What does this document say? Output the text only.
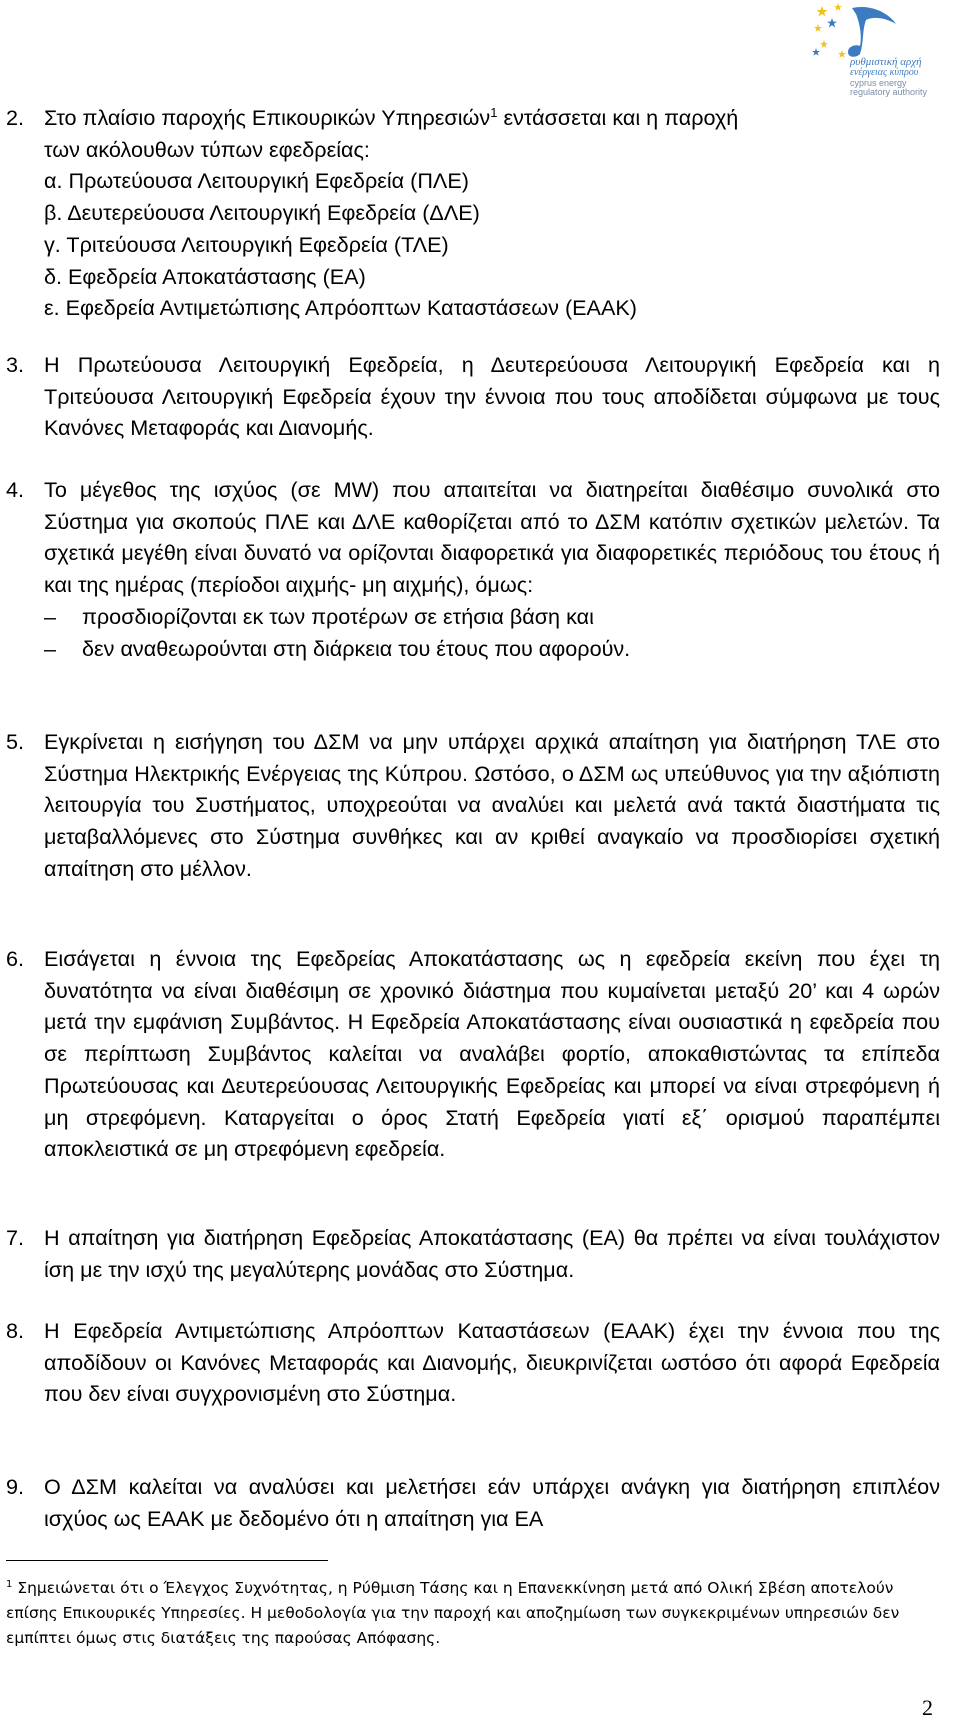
ρυθμιστική αρχή
ενέργειας κύπρου
cyprus energy
regulatory authority
2. Στο πλαίσιο παροχής Επικουρικών Υπηρεσιών$^1$ εντάσσεται και η παροχή
των ακόλουθων τύπων εφεδρείας:
α. Πρωτεύουσα Λειτουργική Εφεδρεία (ΠΛΕ)
β. Δευτερεύουσα Λειτουργική Εφεδρεία (ΔΛΕ)
γ. Τριτεύουσα Λειτουργική Εφεδρεία (ΤΛΕ)
δ. Εφεδρεία Αποκατάστασης (ΕΑ)
ε. Εφεδρεία Αντιμετώπισης Απρόοπτων Καταστάσεων (ΕΑΑΚ)
3. Η Πρωτεύουσα Λειτουργική Εφεδρεία, η Δευτερεύουσα Λειτουργική Εφεδρεία και η Τριτεύουσα Λειτουργική Εφεδρεία έχουν την έννοια που τους αποδίδεται σύμφωνα με τους Κανόνες Μεταφοράς και Διανομής.
4. Το μέγεθος της ισχύος (σε MW) που απαιτείται να διατηρείται διαθέσιμο συνολικά στο Σύστημα για σκοπούς ΠΛΕ και ΔΛΕ καθορίζεται από το ΔΣΜ κατόπιν σχετικών μελετών. Τα σχετικά μεγέθη είναι δυνατό να ορίζονται διαφορετικά για διαφορετικές περιόδους του έτους ή και της ημέρας (περίοδοι αιχμής- μη αιχμής), όμως:
– προσδιορίζονται εκ των προτέρων σε ετήσια βάση και
– δεν αναθεωρούνται στη διάρκεια του έτους που αφορούν.
5. Εγκρίνεται η εισήγηση του ΔΣΜ να μην υπάρχει αρχικά απαίτηση για διατήρηση ΤΛΕ στο Σύστημα Ηλεκτρικής Ενέργειας της Κύπρου. Ωστόσο, ο ΔΣΜ ως υπεύθυνος για την αξιόπιστη λειτουργία του Συστήματος, υποχρεούται να αναλύει και μελετά ανά τακτά διαστήματα τις μεταβαλλόμενες στο Σύστημα συνθήκες και αν κριθεί αναγκαίο να προσδιορίσει σχετική απαίτηση στο μέλλον.
6. Εισάγεται η έννοια της Εφεδρείας Αποκατάστασης ως η εφεδρεία εκείνη που έχει τη δυνατότητα να είναι διαθέσιμη σε χρονικό διάστημα που κυμαίνεται μεταξύ 20’ και 4 ωρών μετά την εμφάνιση Συμβάντος. Η Εφεδρεία Αποκατάστασης είναι ουσιαστικά η εφεδρεία που σε περίπτωση Συμβάντος καλείται να αναλάβει φορτίο, αποκαθιστώντας τα επίπεδα Πρωτεύουσας και Δευτερεύουσας Λειτουργικής Εφεδρείας και μπορεί να είναι στρεφόμενη ή μη στρεφόμενη. Καταργείται ο όρος Στατή Εφεδρεία γιατί εξ΄ ορισμού παραπέμπει αποκλειστικά σε μη στρεφόμενη εφεδρεία.
7. Η απαίτηση για διατήρηση Εφεδρείας Αποκατάστασης (ΕΑ) θα πρέπει να είναι τουλάχιστον ίση με την ισχύ της μεγαλύτερης μονάδας στο Σύστημα.
8. Η Εφεδρεία Αντιμετώπισης Απρόοπτων Καταστάσεων (ΕΑΑΚ) έχει την έννοια που της αποδίδουν οι Κανόνες Μεταφοράς και Διανομής, διευκρινίζεται ωστόσο ότι αφορά Εφεδρεία που δεν είναι συγχρονισμένη στο Σύστημα.
9. Ο ΔΣΜ καλείται να αναλύσει και μελετήσει εάν υπάρχει ανάγκη για διατήρηση επιπλέον ισχύος ως ΕΑΑΚ με δεδομένο ότι η απαίτηση για ΕΑ
$^1$ Σημειώνεται ότι ο Έλεγχος Συχνότητας, η Ρύθμιση Τάσης και η Επανεκκίνηση μετά από Ολική Σβέση αποτελούν επίσης Επικουρικές Υπηρεσίες. Η μεθοδολογία για την παροχή και αποζημίωση των συγκεκριμένων υπηρεσιών δεν εμπίπτει όμως στις διατάξεις της παρούσας Απόφασης.
2
